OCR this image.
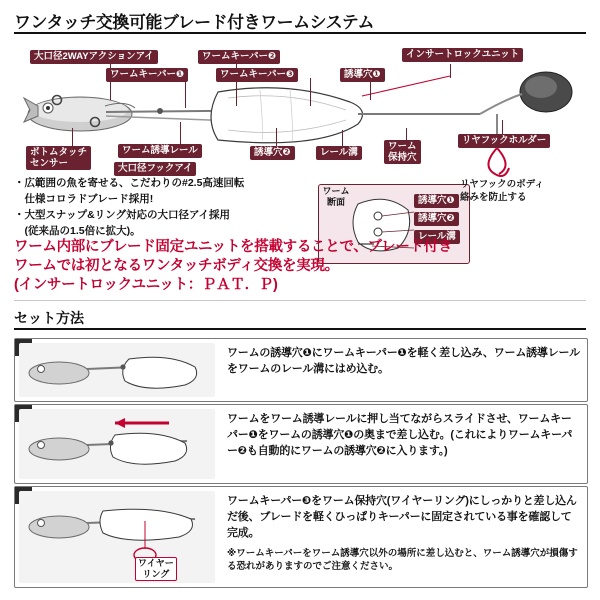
ワンタッチ交換可能ブレード付きワームシステム
大口径2WAYアクションアイ
ワームキーパー❶
ワームキーパー❷
ワームキーパー❸	誘導穴❶
インサートロックユニット
ボトムタッチ
センサー
ワーム誘導レール
大口径フックアイ
誘導穴❷	レール溝
ワーム
保持穴
リヤフックホルダー
ワーム
断面	誘導穴❶
誘導穴❷
レール溝
リヤフックのボディ
絡みを防止する
・広範囲の魚を寄せる、こだわりの#2.5高速回転
　仕様コロラドブレード採用!
・大型スナップ&リング対応の大口径アイ採用
　(従来品の1.5倍に拡大)。
ワーム内部にブレード固定ユニットを搭載することで、ブレード付き
ワームでは初となるワンタッチボディ交換を実現。
(インサートロックユニット：ＰＡＴ．Ｐ)
セット方法
ワームの誘導穴❶にワームキーパー❶を軽く差し込み、ワーム誘導レールをワームのレール溝にはめ込む。
ワームをワーム誘導レールに押し当てながらスライドさせ、ワームキーパー❶をワームの誘導穴❶の奥まで差し込む。(これによりワームキーパー❷も自動的にワームの誘導穴❷に入ります。)
ワイヤー
リング
ワームキーパー❸をワーム保持穴(ワイヤーリング)にしっかりと差し込んだ後、ブレードを軽くひっぱりキーパーに固定されている事を確認して完成。
※ワームキーパーをワーム誘導穴以外の場所に差し込むと、ワーム誘導穴が損傷する恐れがありますのでご注意ください。
